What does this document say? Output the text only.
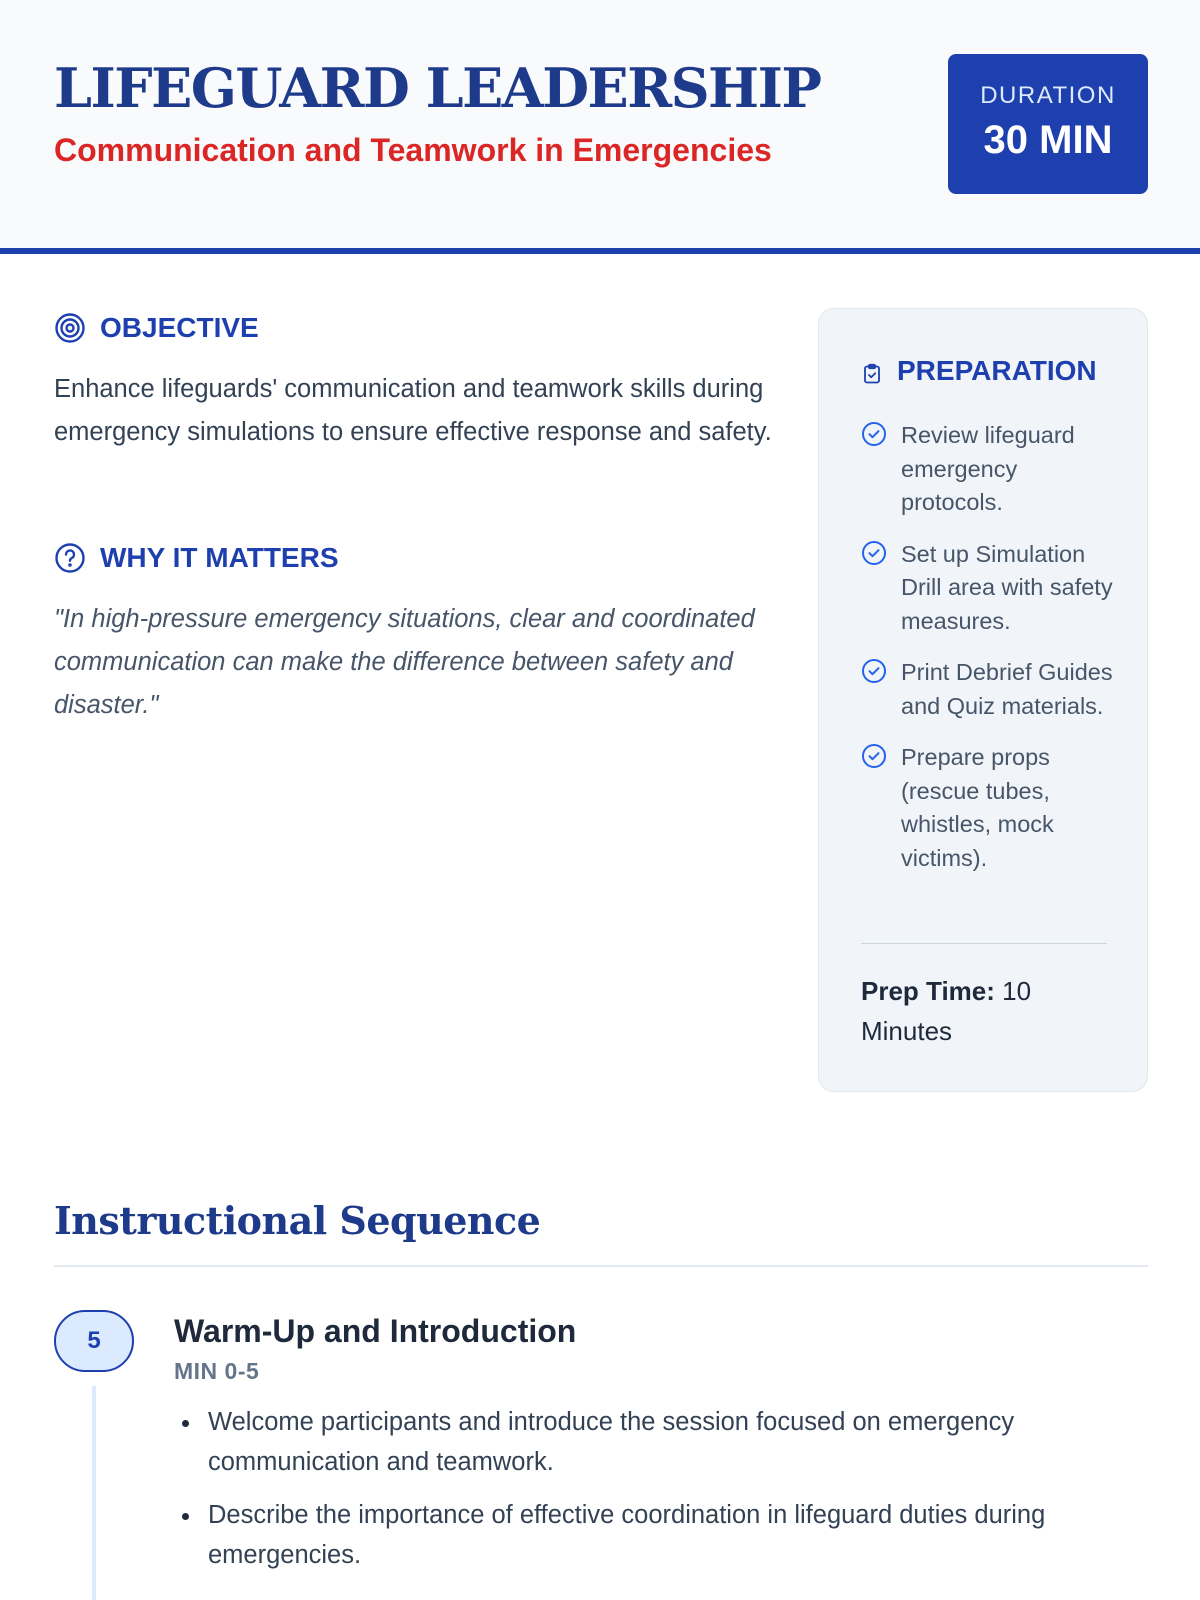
LIFEGUARD LEADERSHIP
Communication and Teamwork in Emergencies
DURATION
30 MIN
OBJECTIVE

Enhance lifeguards' communication and teamwork skills during emergency simulations to ensure effective response and safety.

WHY IT MATTERS

"In high-pressure emergency situations, clear and coordinated communication can make the difference between safety and disaster."

PREPARATION
Review lifeguard emergency protocols.
Set up Simulation Drill area with safety measures.
Print Debrief Guides and Quiz materials.
Prepare props (rescue tubes, whistles, mock victims).
Prep Time: 10 Minutes
Instructional Sequence
5	Warm-Up and Introduction
MIN 0-5
Welcome participants and introduce the session focused on emergency communication and teamwork.
Describe the importance of effective coordination in lifeguard duties during emergencies.
